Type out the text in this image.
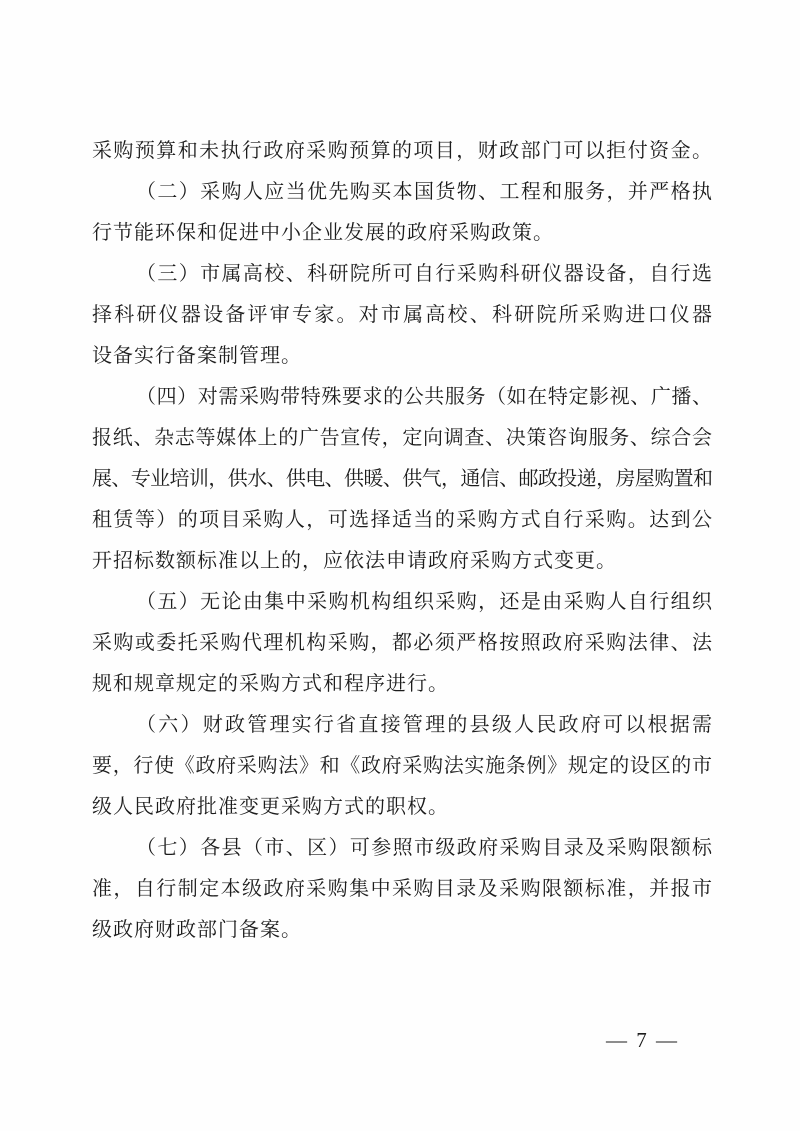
采购预算和未执行政府采购预算的项目，财政部门可以拒付资金。

（二）采购人应当优先购买本国货物、工程和服务，并严格执

行节能环保和促进中小企业发展的政府采购政策。

（三）市属高校、科研院所可自行采购科研仪器设备，自行选

择科研仪器设备评审专家。对市属高校、科研院所采购进口仪器

设备实行备案制管理。

（四）对需采购带特殊要求的公共服务（如在特定影视、广播、

报纸、杂志等媒体上的广告宣传，定向调查、决策咨询服务、综合会

展、专业培训，供水、供电、供暖、供气，通信、邮政投递，房屋购置和

租赁等）的项目采购人，可选择适当的采购方式自行采购。达到公

开招标数额标准以上的，应依法申请政府采购方式变更。

（五）无论由集中采购机构组织采购，还是由采购人自行组织

采购或委托采购代理机构采购，都必须严格按照政府采购法律、法

规和规章规定的采购方式和程序进行。

（六）财政管理实行省直接管理的县级人民政府可以根据需

要，行使《政府采购法》和《政府采购法实施条例》规定的设区的市

级人民政府批准变更采购方式的职权。

（七）各县（市、区）可参照市级政府采购目录及采购限额标

准，自行制定本级政府采购集中采购目录及采购限额标准，并报市

级政府财政部门备案。

— 7 —
